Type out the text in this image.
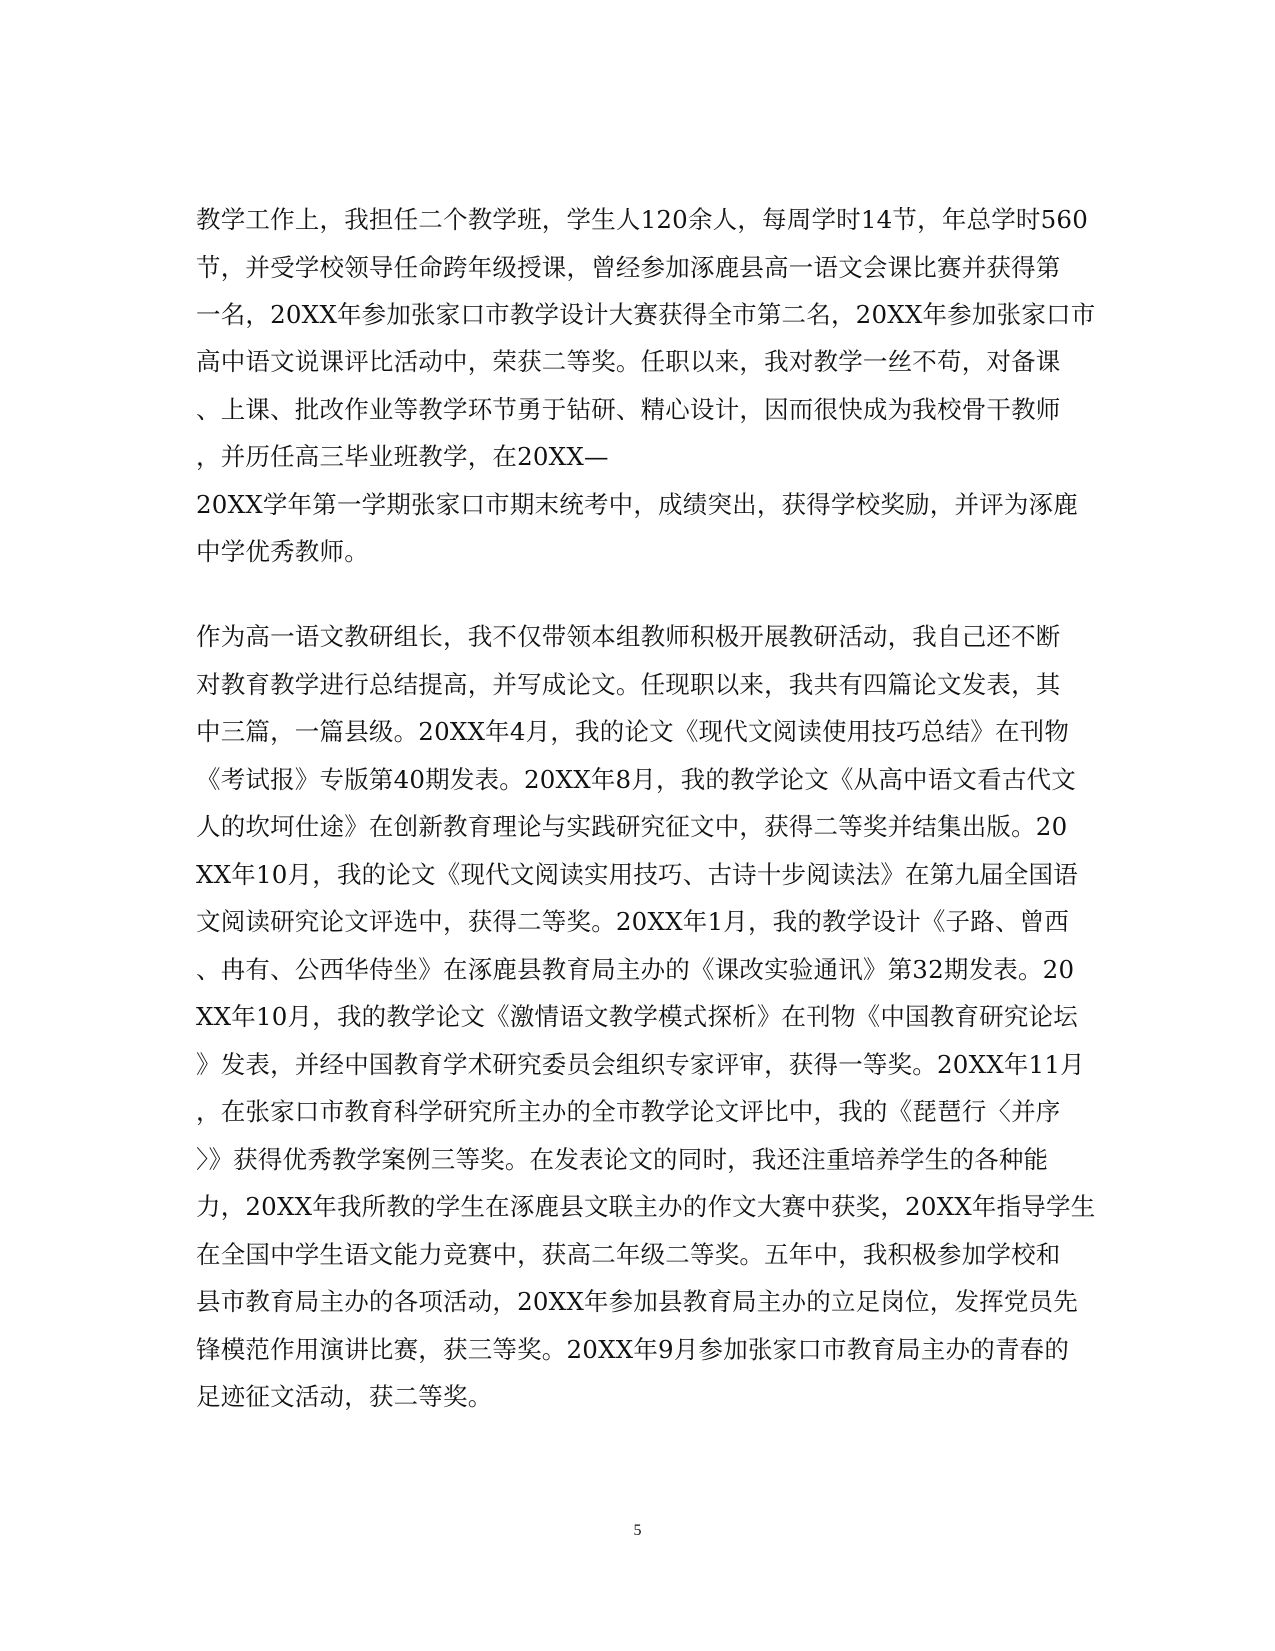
教学工作上，我担任二个教学班，学生人120余人，每周学时14节，年总学时560
节，并受学校领导任命跨年级授课，曾经参加涿鹿县高一语文会课比赛并获得第
一名，20XX年参加张家口市教学设计大赛获得全市第二名，20XX年参加张家口市
高中语文说课评比活动中，荣获二等奖。任职以来，我对教学一丝不苟，对备课
、上课、批改作业等教学环节勇于钻研、精心设计，因而很快成为我校骨干教师
，并历任高三毕业班教学，在20XX—
20XX学年第一学期张家口市期末统考中，成绩突出，获得学校奖励，并评为涿鹿
中学优秀教师。
作为高一语文教研组长，我不仅带领本组教师积极开展教研活动，我自己还不断
对教育教学进行总结提高，并写成论文。任现职以来，我共有四篇论文发表，其
中三篇，一篇县级。20XX年4月，我的论文《现代文阅读使用技巧总结》在刊物
《考试报》专版第40期发表。20XX年8月，我的教学论文《从高中语文看古代文
人的坎坷仕途》在创新教育理论与实践研究征文中，获得二等奖并结集出版。20
XX年10月，我的论文《现代文阅读实用技巧、古诗十步阅读法》在第九届全国语
文阅读研究论文评选中，获得二等奖。20XX年1月，我的教学设计《子路、曾西
、冉有、公西华侍坐》在涿鹿县教育局主办的《课改实验通讯》第32期发表。20
XX年10月，我的教学论文《激情语文教学模式探析》在刊物《中国教育研究论坛
》发表，并经中国教育学术研究委员会组织专家评审，获得一等奖。20XX年11月
，在张家口市教育科学研究所主办的全市教学论文评比中，我的《琵琶行〈并序
〉》获得优秀教学案例三等奖。在发表论文的同时，我还注重培养学生的各种能
力，20XX年我所教的学生在涿鹿县文联主办的作文大赛中获奖，20XX年指导学生
在全国中学生语文能力竞赛中，获高二年级二等奖。五年中，我积极参加学校和
县市教育局主办的各项活动，20XX年参加县教育局主办的立足岗位，发挥党员先
锋模范作用演讲比赛，获三等奖。20XX年9月参加张家口市教育局主办的青春的
足迹征文活动，获二等奖。
5
